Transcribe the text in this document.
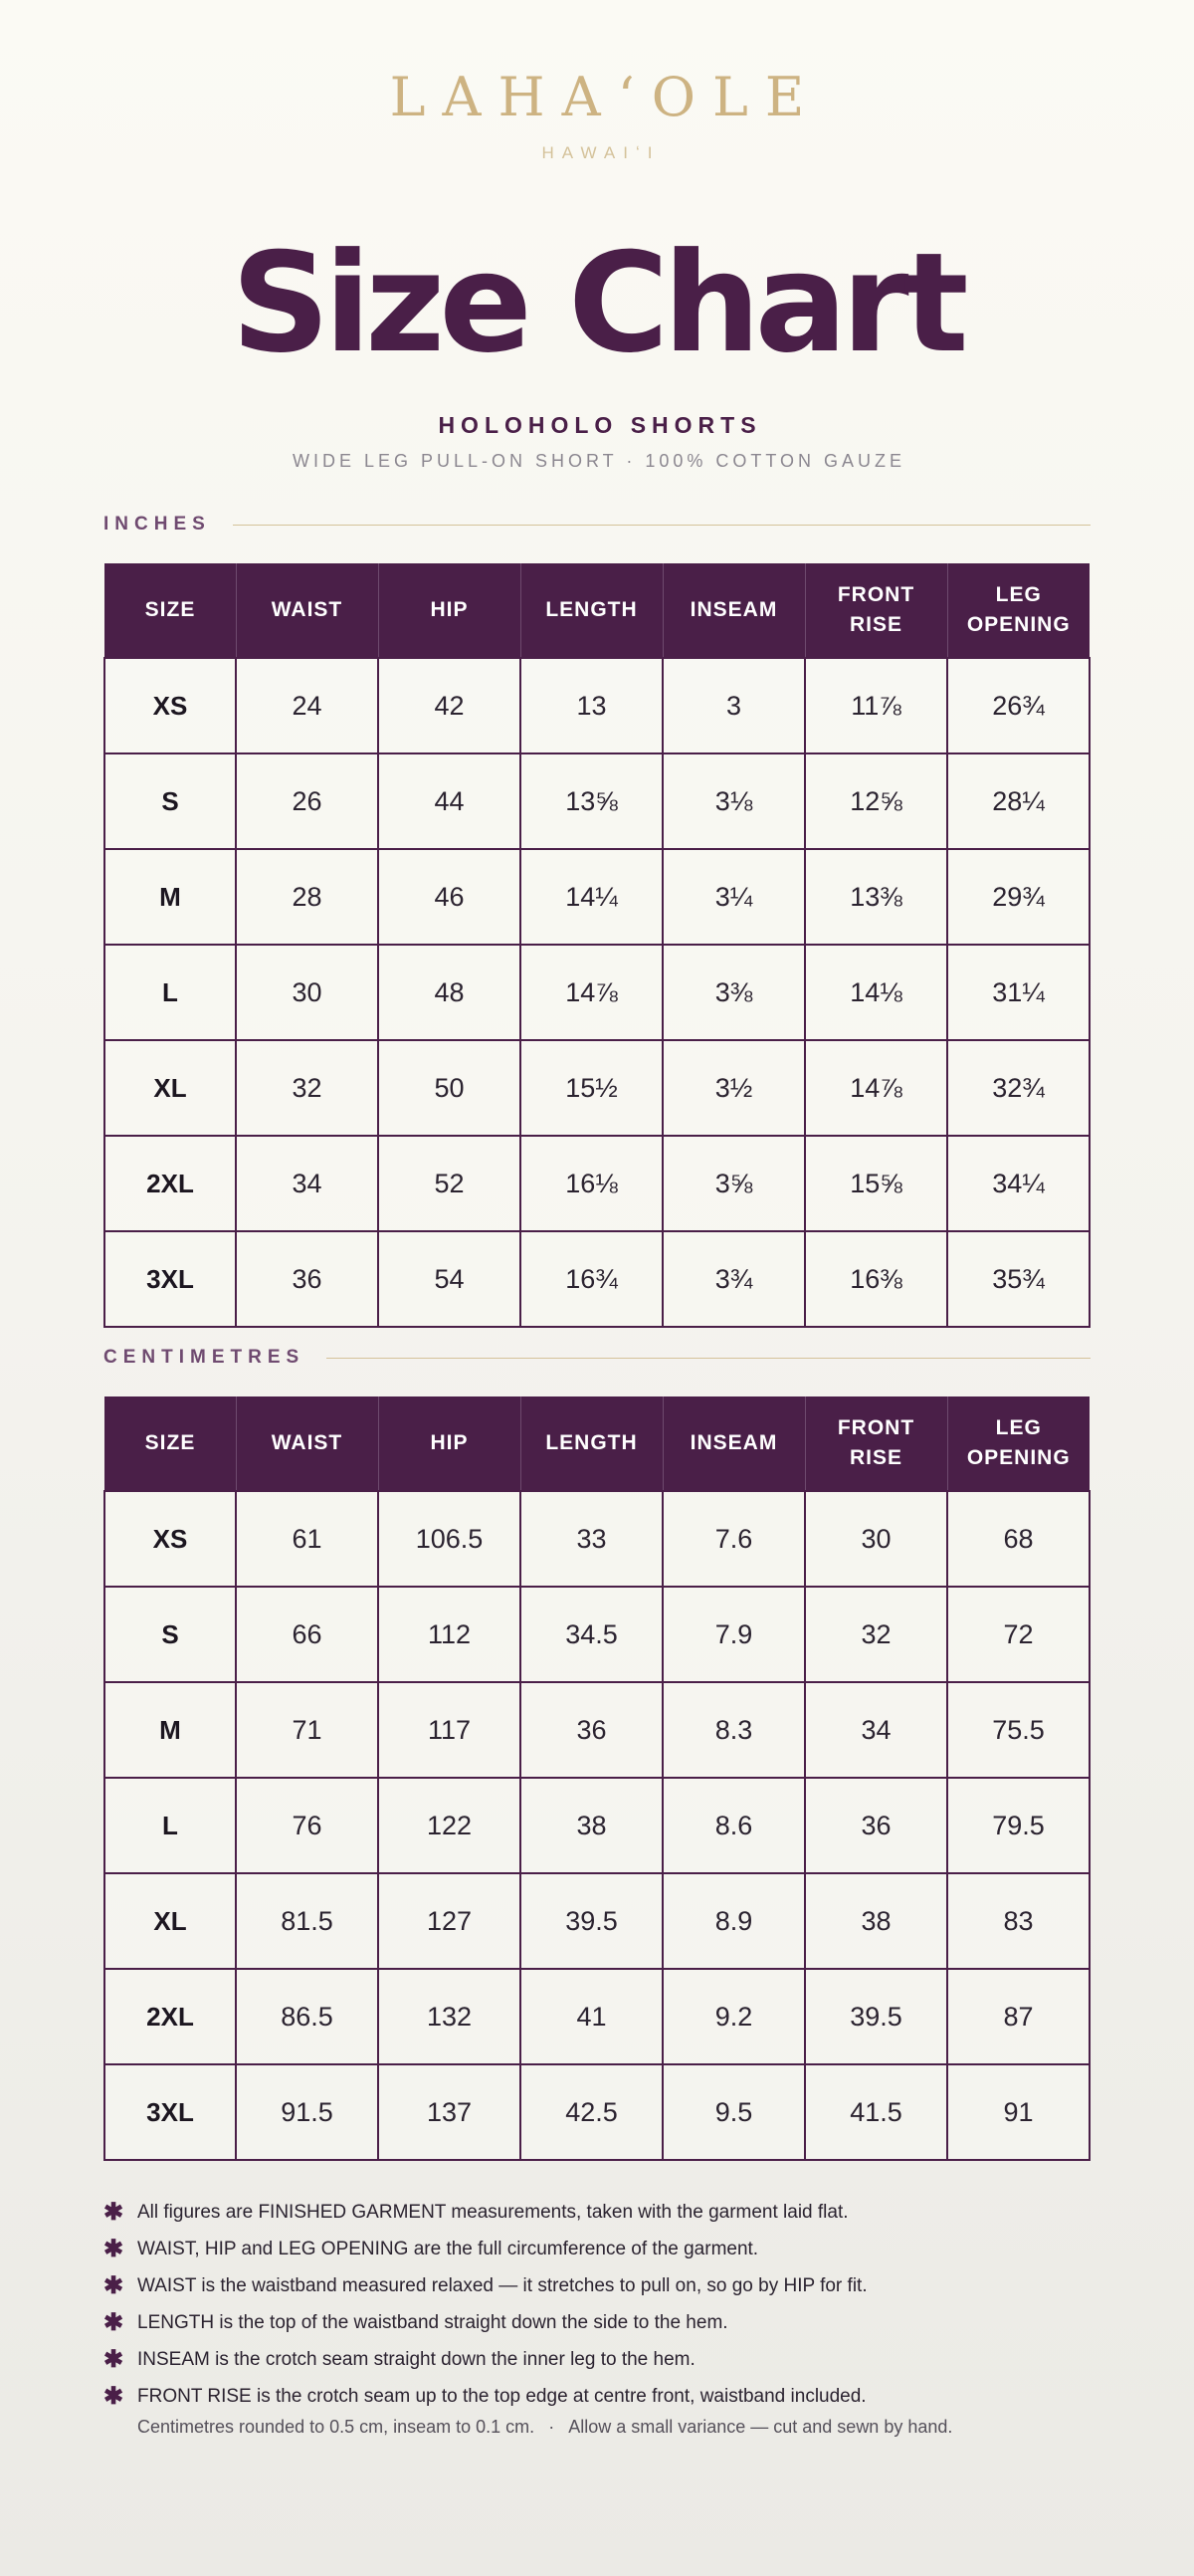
LAHAʻOLE
HAWAIʻI
Size Chart
HOLOHOLO SHORTS
WIDE LEG PULL-ON SHORT · 100% COTTON GAUZE
INCHES
SIZE	WAIST	HIP	LENGTH	INSEAM	FRONT RISE	LEG OPENING
XS	24	42	13	3	11⅞	26¾
S	26	44	13⅝	3⅛	12⅝	28¼
M	28	46	14¼	3¼	13⅜	29¾
L	30	48	14⅞	3⅜	14⅛	31¼
XL	32	50	15½	3½	14⅞	32¾
2XL	34	52	16⅛	3⅝	15⅝	34¼
3XL	36	54	16¾	3¾	16⅜	35¾
CENTIMETRES
SIZE	WAIST	HIP	LENGTH	INSEAM	FRONT RISE	LEG OPENING
XS	61	106.5	33	7.6	30	68
S	66	112	34.5	7.9	32	72
M	71	117	36	8.3	34	75.5
L	76	122	38	8.6	36	79.5
XL	81.5	127	39.5	8.9	38	83
2XL	86.5	132	41	9.2	39.5	87
3XL	91.5	137	42.5	9.5	41.5	91
✱ All figures are FINISHED GARMENT measurements, taken with the garment laid flat.
✱ WAIST, HIP and LEG OPENING are the full circumference of the garment.
✱ WAIST is the waistband measured relaxed — it stretches to pull on, so go by HIP for fit.
✱ LENGTH is the top of the waistband straight down the side to the hem.
✱ INSEAM is the crotch seam straight down the inner leg to the hem.
✱ FRONT RISE is the crotch seam up to the top edge at centre front, waistband included.
Centimetres rounded to 0.5 cm, inseam to 0.1 cm. · Allow a small variance — cut and sewn by hand.
